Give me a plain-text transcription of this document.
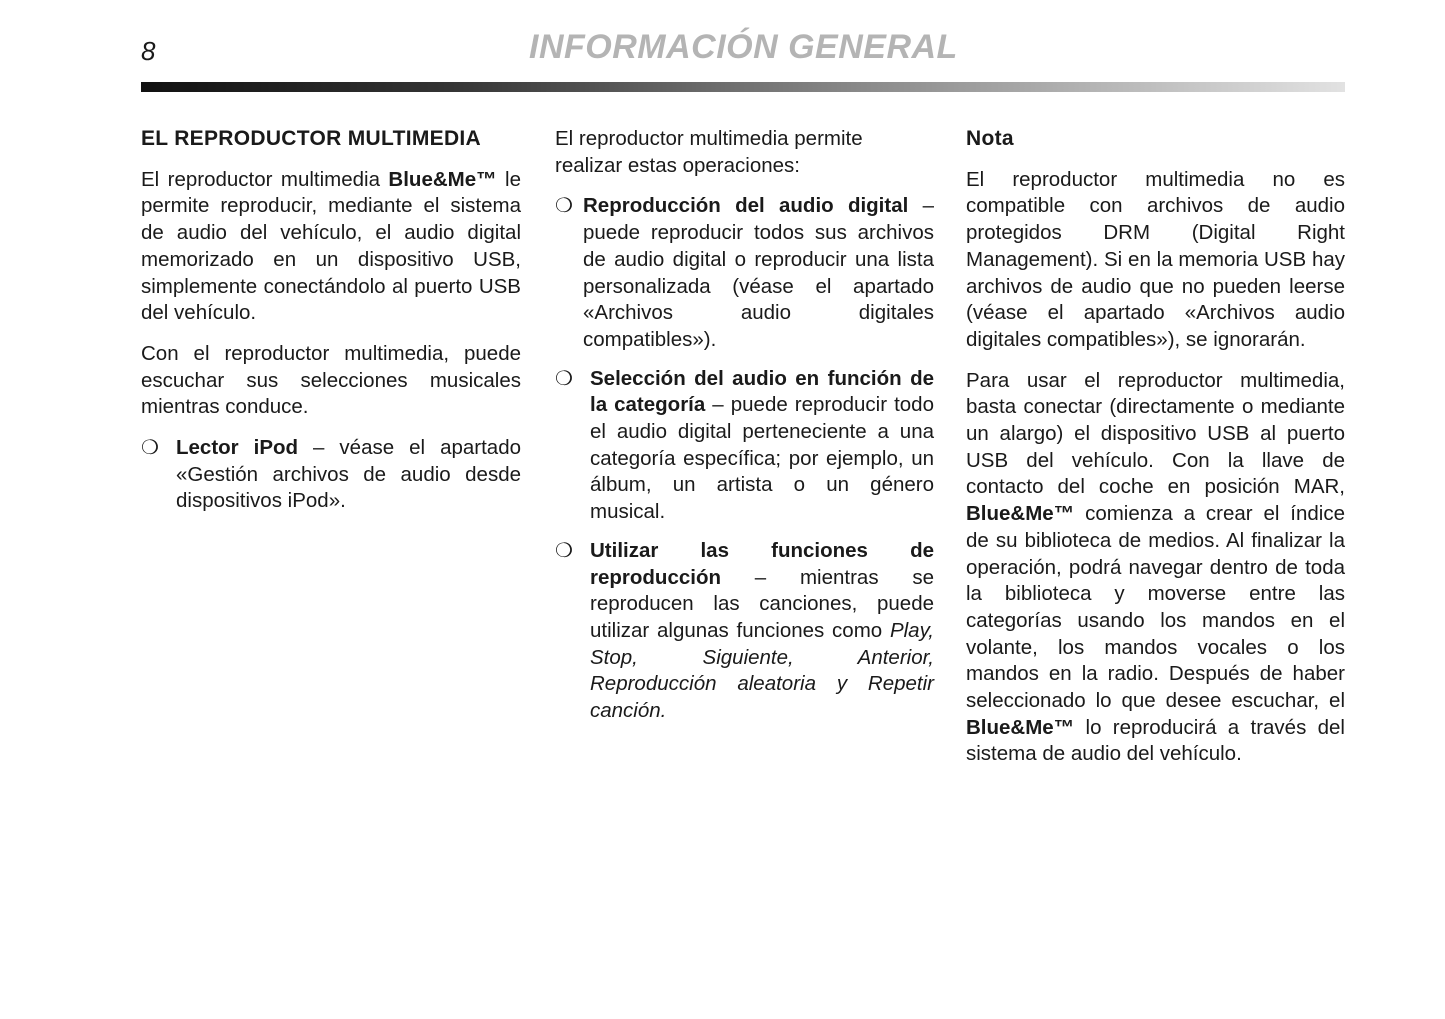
8	INFORMACIÓN GENERAL
EL REPRODUCTOR MULTIMEDIA

El reproductor multimedia Blue&Me™ le permite reproducir, mediante el sistema de audio del vehículo, el audio digital memorizado en un dispositivo USB, simplemente conectándolo al puerto USB del vehículo.

Con el reproductor multimedia, puede escuchar sus selecciones musicales mientras conduce.

❍ Lector iPod – véase el apartado «Gestión archivos de audio desde dispositivos iPod».

El reproductor multimedia permite realizar estas operaciones:

❍ Reproducción del audio digital – puede reproducir todos sus archivos de audio digital o reproducir una lista personalizada (véase el apartado «Archivos audio digitales compatibles»).
❍ Selección del audio en función de la categoría – puede reproducir todo el audio digital perteneciente a una categoría específica; por ejemplo, un álbum, un artista o un género musical.
❍ Utilizar las funciones de reproducción – mientras se reproducen las canciones, puede utilizar algunas funciones como Play, Stop, Siguiente, Anterior, Reproducción aleatoria y Repetir canción.
Nota

El reproductor multimedia no es compatible con archivos de audio protegidos DRM (Digital Right Management). Si en la memoria USB hay archivos de audio que no pueden leerse (véase el apartado «Archivos audio digitales compatibles»), se ignorarán.

Para usar el reproductor multimedia, basta conectar (directamente o mediante un alargo) el dispositivo USB al puerto USB del vehículo. Con la llave de contacto del coche en posición MAR, Blue&Me™ comienza a crear el índice de su biblioteca de medios. Al finalizar la operación, podrá navegar dentro de toda la biblioteca y moverse entre las categorías usando los mandos en el volante, los mandos vocales o los mandos en la radio. Después de haber seleccionado lo que desee escuchar, el Blue&Me™ lo reproducirá a través del sistema de audio del vehículo.
